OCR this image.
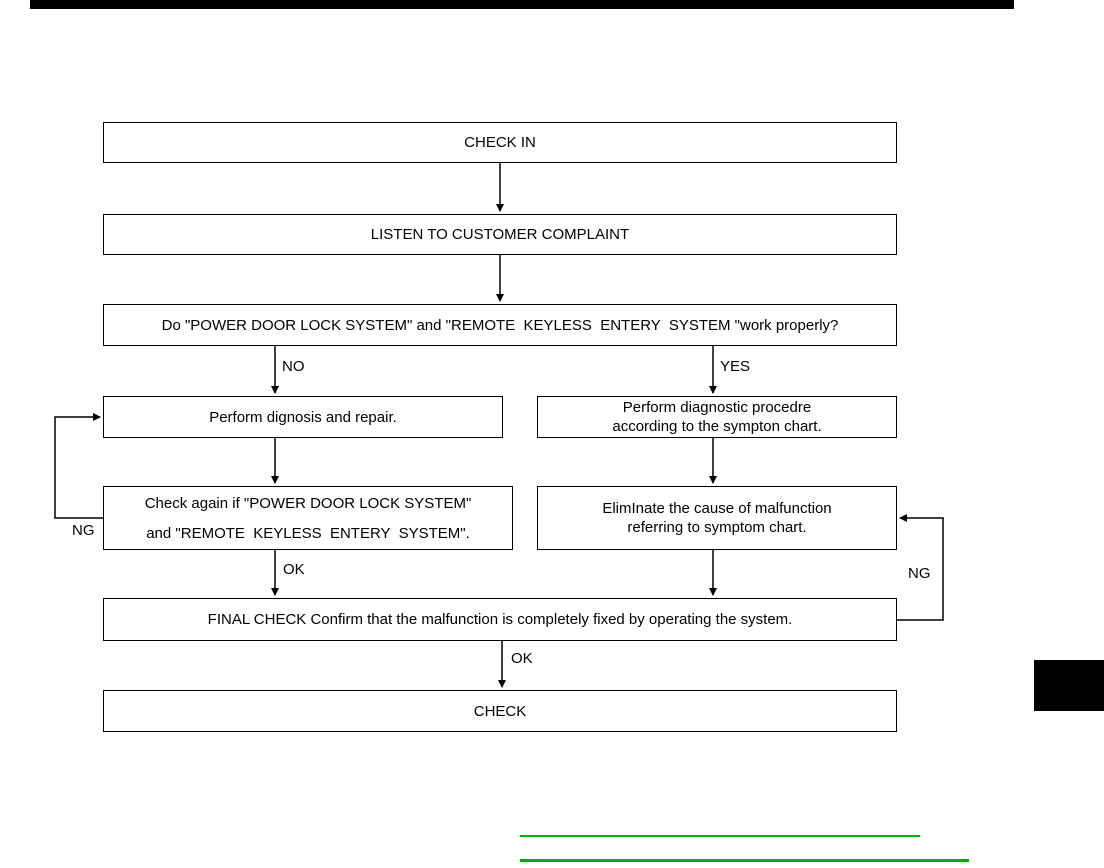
CHECK IN
LISTEN TO CUSTOMER COMPLAINT
Do "POWER DOOR LOCK SYSTEM" and "REMOTE  KEYLESS  ENTERY  SYSTEM "work properly?
Perform dignosis and repair.
Perform diagnostic procedre
according to the sympton chart.
Check again if "POWER DOOR LOCK SYSTEM"
and "REMOTE  KEYLESS  ENTERY  SYSTEM".
ElimInate the cause of malfunction
referring to symptom chart.
FINAL CHECK Confirm that the malfunction is completely fixed by operating the system.
CHECK
NO	YES
NG
OK	NG
OK
